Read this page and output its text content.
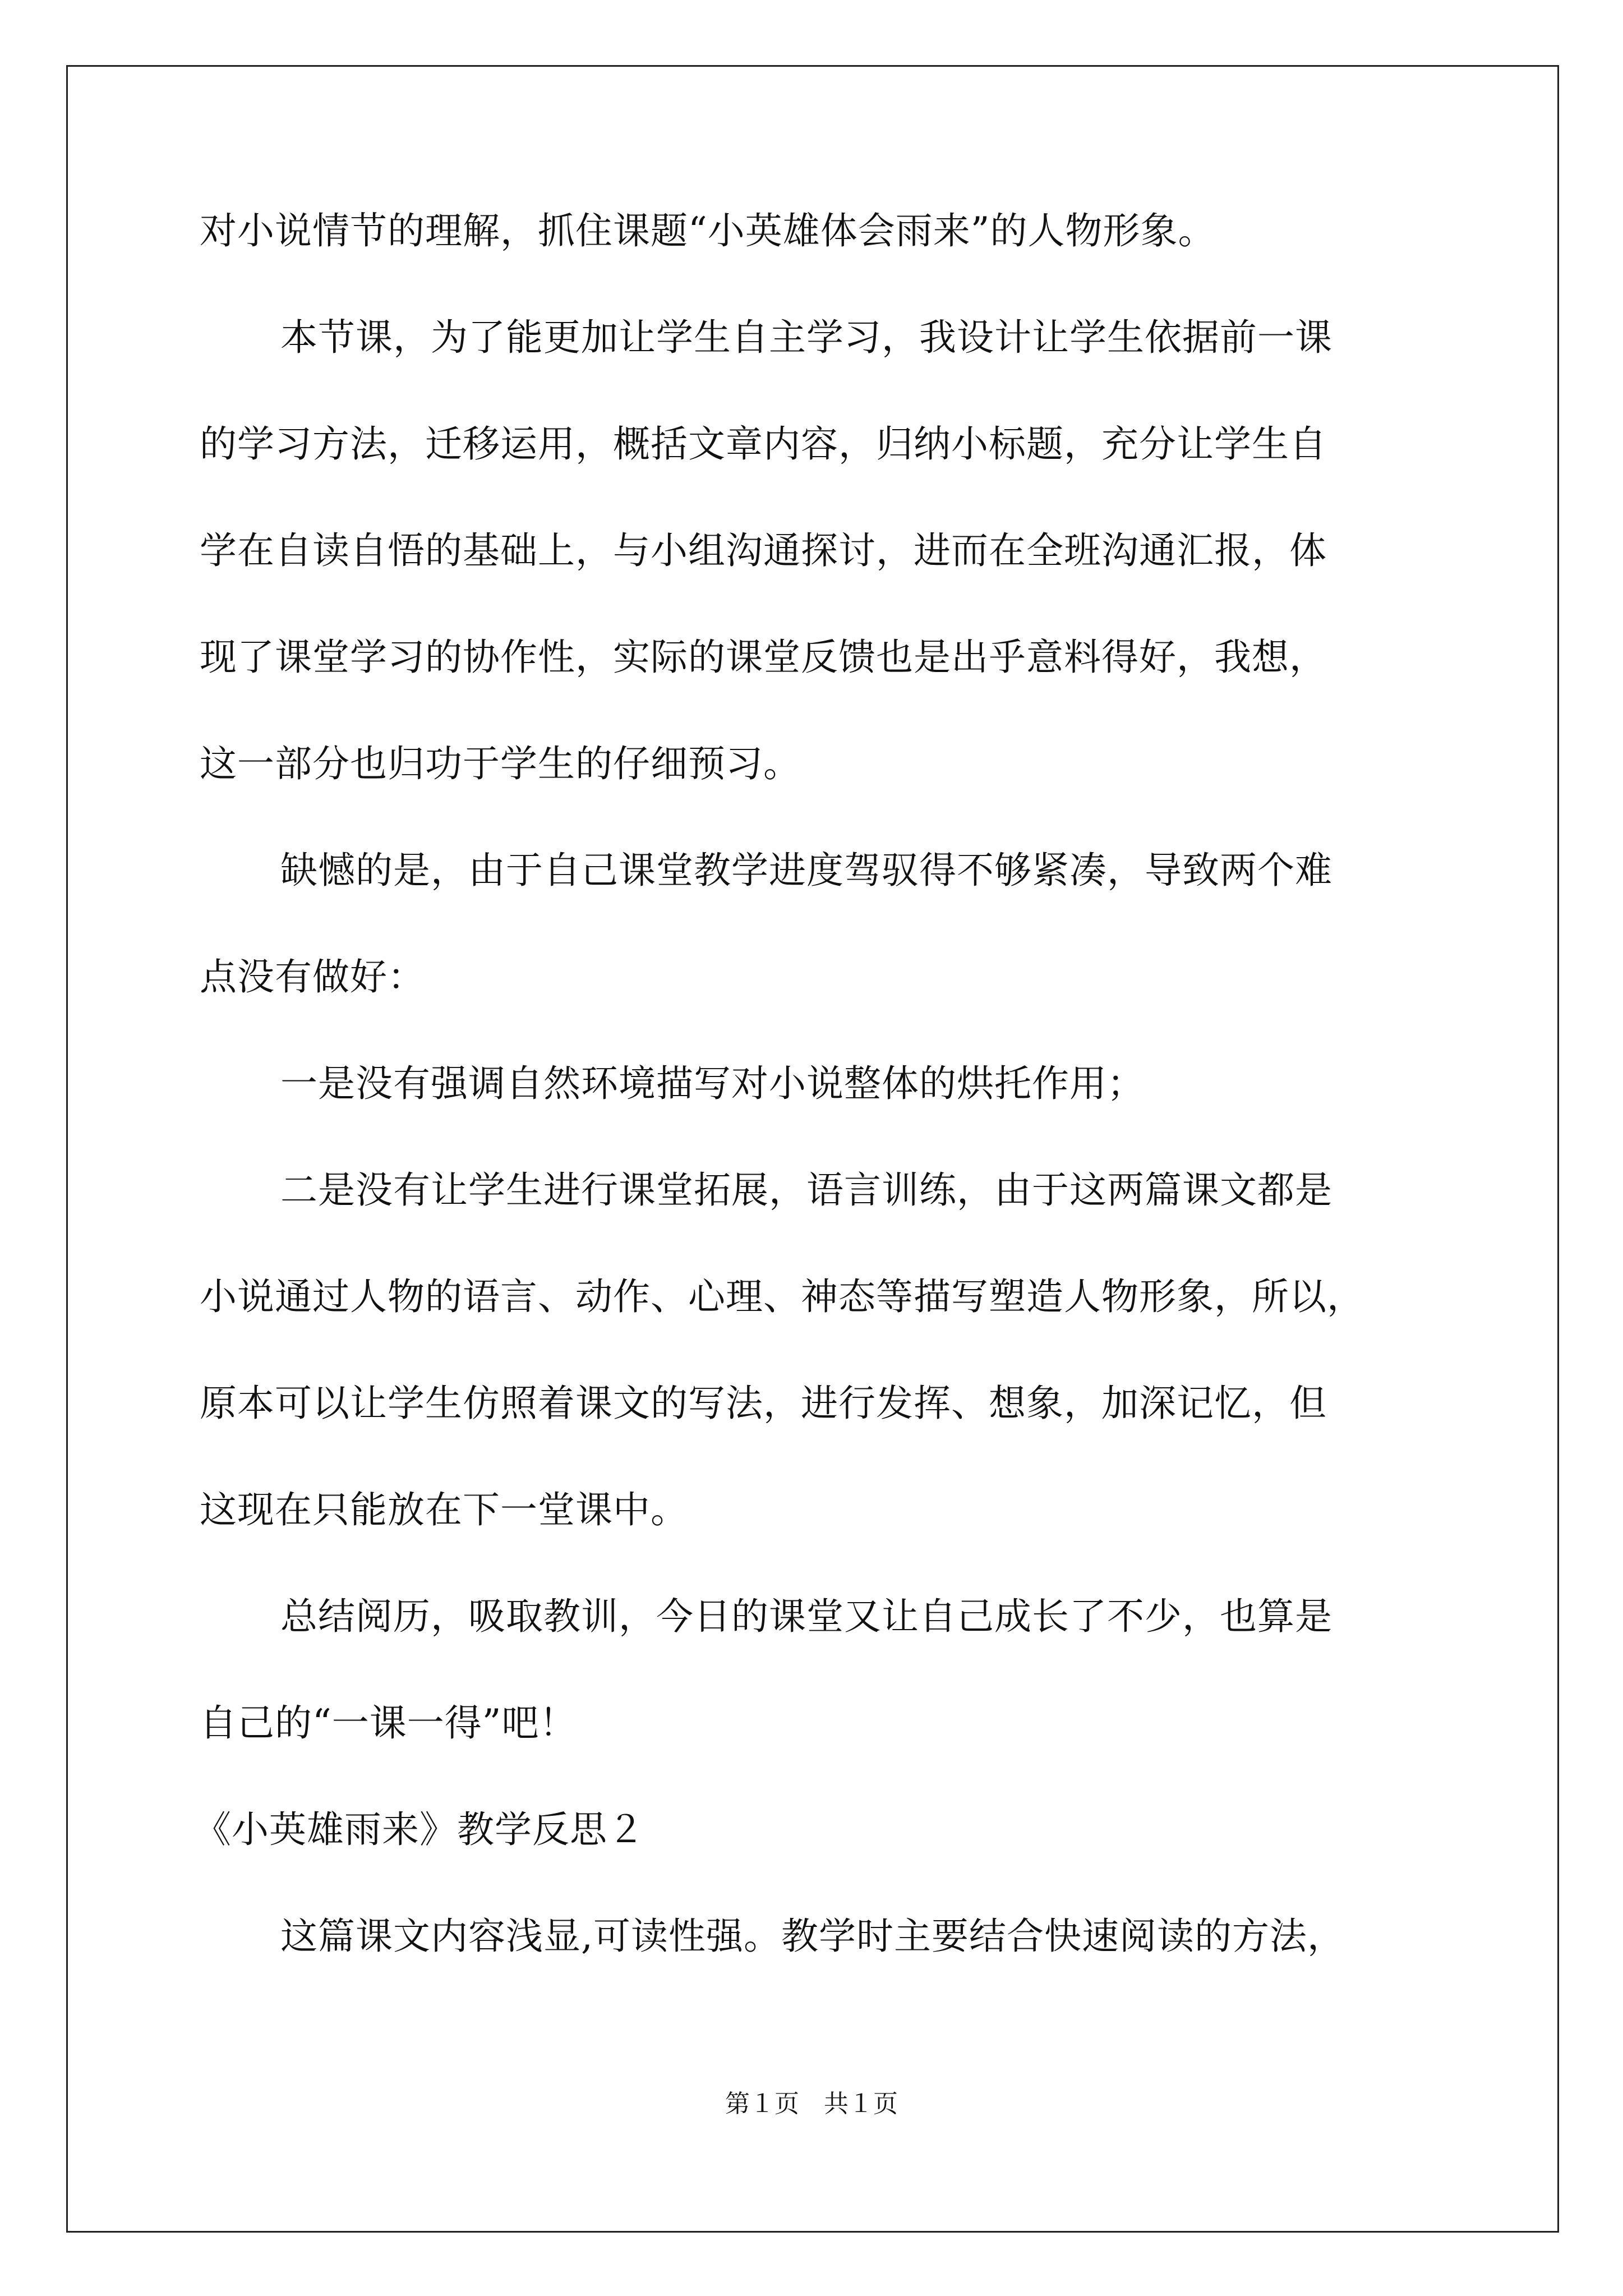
对小说情节的理解，抓住课题“小英雄体会雨来”的人物形象。

本节课，为了能更加让学生自主学习，我设计让学生依据前一课

的学习方法，迁移运用，概括文章内容，归纳小标题，充分让学生自

学在自读自悟的基础上，与小组沟通探讨，进而在全班沟通汇报，体

现了课堂学习的协作性，实际的课堂反馈也是出乎意料得好，我想，

这一部分也归功于学生的仔细预习。

缺憾的是，由于自己课堂教学进度驾驭得不够紧凑，导致两个难

点没有做好：

一是没有强调自然环境描写对小说整体的烘托作用；

二是没有让学生进行课堂拓展，语言训练，由于这两篇课文都是

小说通过人物的语言、动作、心理、神态等描写塑造人物形象，所以，

原本可以让学生仿照着课文的写法，进行发挥、想象，加深记忆，但

这现在只能放在下一堂课中。

总结阅历，吸取教训，今日的课堂又让自己成长了不少，也算是

自己的“一课一得”吧！

《小英雄雨来》教学反思２

这篇课文内容浅显,可读性强。教学时主要结合快速阅读的方法，

第１页　共１页
